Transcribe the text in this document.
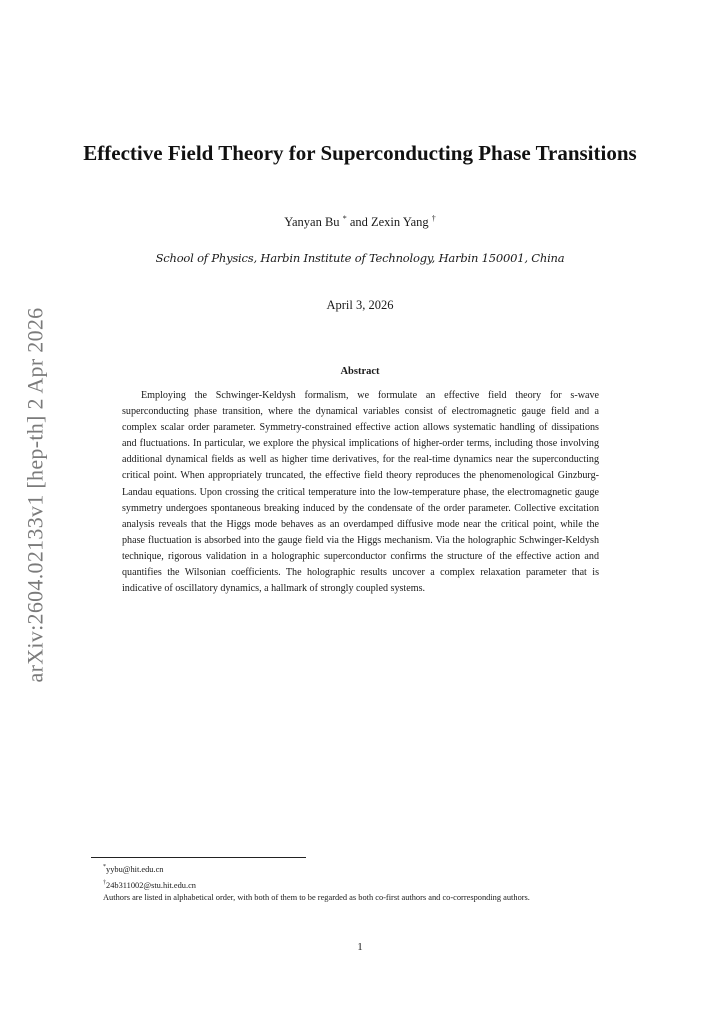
arXiv:2604.02133v1 [hep-th] 2 Apr 2026
Effective Field Theory for Superconducting Phase Transitions
Yanyan Bu * and Zexin Yang †
School of Physics, Harbin Institute of Technology, Harbin 150001, China
April 3, 2026
Abstract
Employing the Schwinger-Keldysh formalism, we formulate an effective field theory for s-wave superconducting phase transition, where the dynamical variables consist of electromagnetic gauge field and a complex scalar order parameter. Symmetry-constrained effective action allows systematic handling of dissipations and fluctuations. In particular, we explore the physical implications of higher-order terms, including those involving additional dynamical fields as well as higher time derivatives, for the real-time dynamics near the superconducting critical point. When appropriately truncated, the effective field theory reproduces the phenomenological Ginzburg-Landau equations. Upon crossing the critical temperature into the low-temperature phase, the electromagnetic gauge symmetry undergoes spontaneous breaking induced by the condensate of the order parameter. Collective excitation analysis reveals that the Higgs mode behaves as an overdamped diffusive mode near the critical point, while the phase fluctuation is absorbed into the gauge field via the Higgs mechanism. Via the holographic Schwinger-Keldysh technique, rigorous validation in a holographic superconductor confirms the structure of the effective action and quantifies the Wilsonian coefficients. The holographic results uncover a complex relaxation parameter that is indicative of oscillatory dynamics, a hallmark of strongly coupled systems.
*yybu@hit.edu.cn
†24b311002@stu.hit.edu.cn
Authors are listed in alphabetical order, with both of them to be regarded as both co-first authors and co-corresponding authors.
1
